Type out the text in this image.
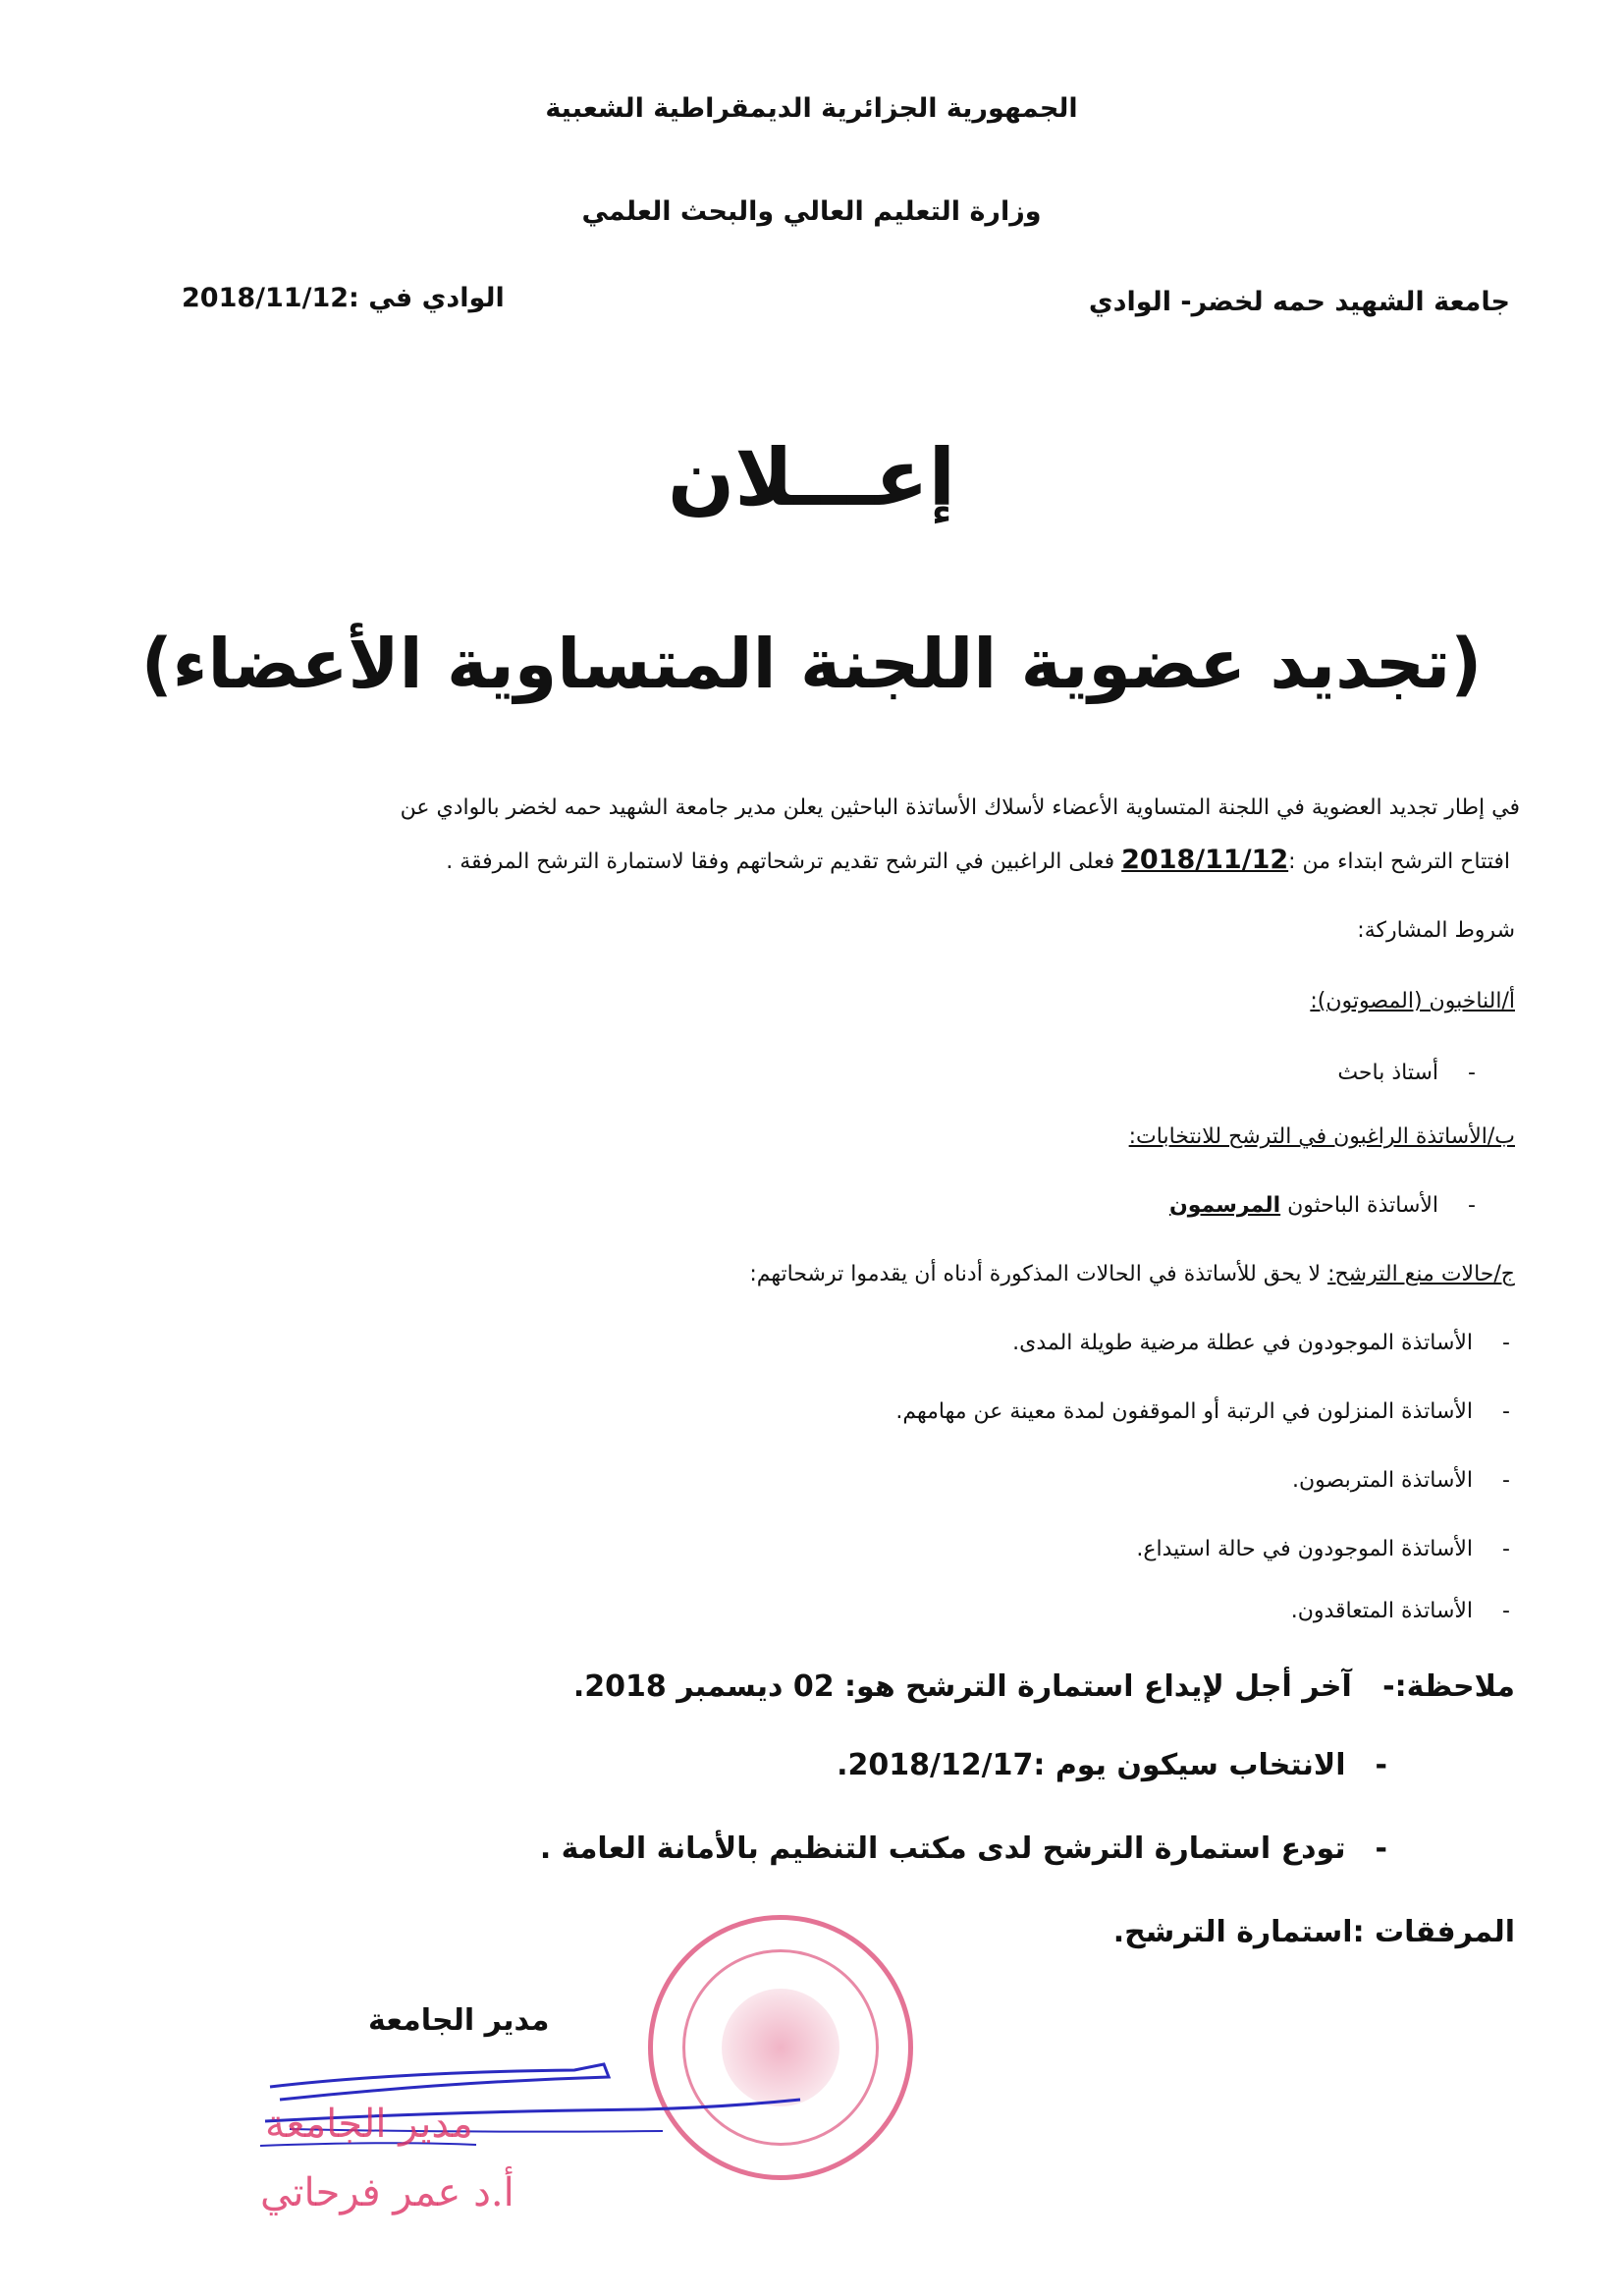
الجمهورية الجزائرية الديمقراطية الشعبية
وزارة التعليم العالي والبحث العلمي
جامعة الشهيد حمه لخضر- الوادي
الوادي في :2018/11/12
إعـــلان
(تجديد عضوية اللجنة المتساوية الأعضاء)
في إطار تجديد العضوية في اللجنة المتساوية الأعضاء لأسلاك الأساتذة الباحثين يعلن مدير جامعة الشهيد حمه لخضر بالوادي عن
افتتاح الترشح ابتداء من :2018/11/12 فعلى الراغبين في الترشح تقديم ترشحاتهم وفقا لاستمارة الترشح المرفقة .
شروط المشاركة:
أ/الناخبون (المصوتون):
-أستاذ باحث
ب/الأساتذة الراغبون في الترشح للانتخابات:
-الأساتذة الباحثون المرسمون
ج/حالات منع الترشح: لا يحق للأساتذة في الحالات المذكورة أدناه أن يقدموا ترشحاتهم:
-الأساتذة الموجودون في عطلة مرضية طويلة المدى.
-الأساتذة المنزلون في الرتبة أو الموقفون لمدة معينة عن مهامهم.
-الأساتذة المتربصون.
-الأساتذة الموجودون في حالة استيداع.
-الأساتذة المتعاقدون.
ملاحظة:-   آخر أجل لإيداع استمارة الترشح هو: 02 ديسمبر 2018.
-الانتخاب سيكون يوم :2018/12/17.
-تودع استمارة الترشح لدى مكتب التنظيم بالأمانة العامة .
المرفقات :استمارة الترشح.
مدير الجامعة
مدير الجامعة
أ.د عمر فرحاتي
